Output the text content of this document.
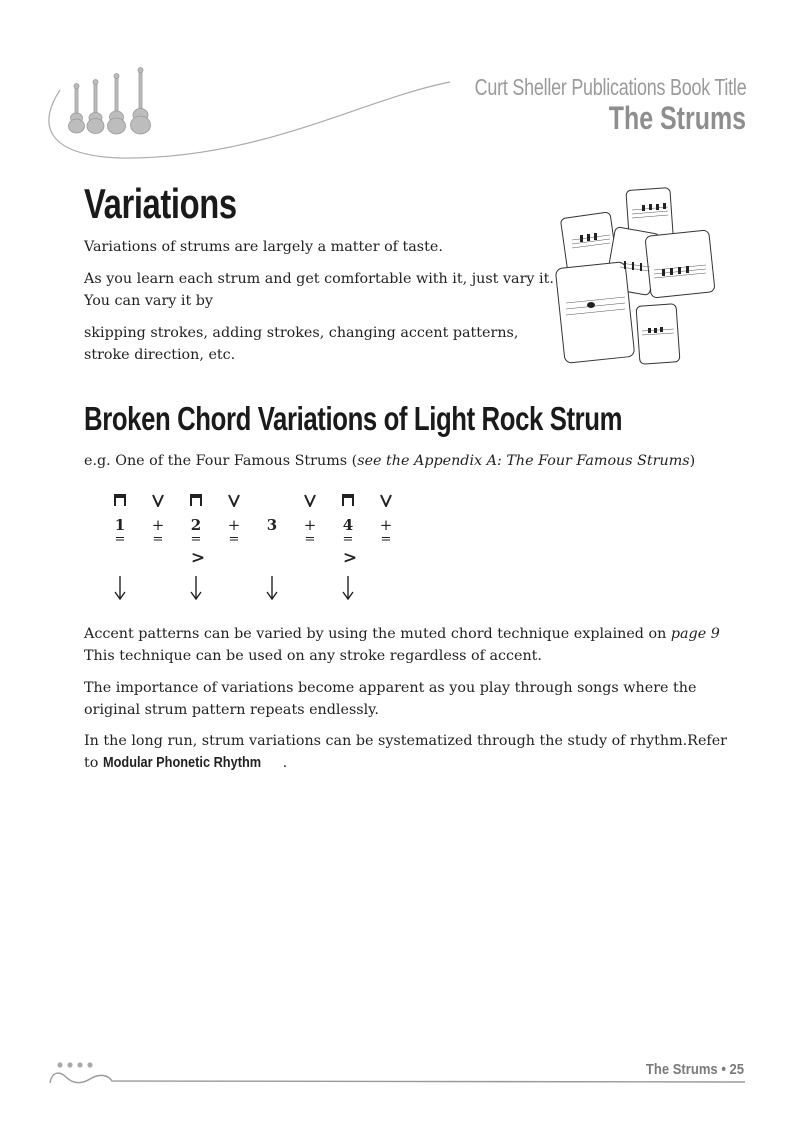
Curt Sheller Publications Book Title
The Strums
Variations

Variations of strums are largely a matter of taste.

As you learn each strum and get comfortable with it, just vary it. You can vary it by

skipping strokes, adding strokes, changing accent patterns, stroke direction, etc.

Broken Chord Variations of Light Rock Strum

e.g. One of the Four Famous Strums (see the Appendix A: The Four Famous Strums)

1
=
+
=
2
=
>
+
=
3	+
=
4
=
>
+
=

Accent patterns can be varied by using the muted chord technique explained on page 9
This technique can be used on any stroke regardless of accent.

The importance of variations become apparent as you play through songs where the original strum pattern repeats endlessly.

In the long run, strum variations can be systematized through the study of rhythm.Refer to Modular Phonetic Rhythm .

The Strums • 25
